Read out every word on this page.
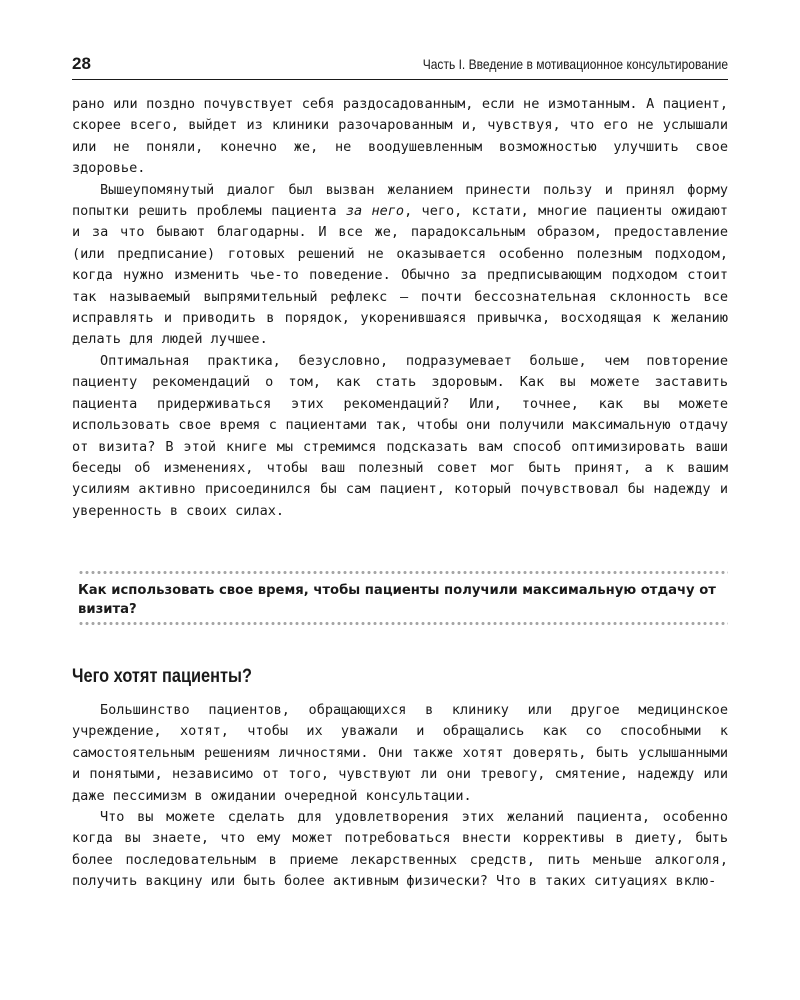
28	Часть I. Введение в мотивационное консультирование

рано или поздно почувствует себя раздосадованным, если не измотанным. А пациент, скорее всего, выйдет из клиники разочарованным и, чувствуя, что его не услышали или не поняли, конечно же, не воодушевленным возможностью улучшить свое здоровье.

Вышеупомянутый диалог был вызван желанием принести пользу и принял форму попытки решить проблемы пациента за него, чего, кстати, многие пациенты ожидают и за что бывают благодарны. И все же, парадоксальным образом, предоставление (или предписание) готовых решений не оказывается особенно полезным подходом, когда нужно изменить чье-то поведение. Обычно за предписывающим подходом стоит так называемый выпрямительный рефлекс — почти бессознательная склонность все исправлять и приводить в порядок, укоренившаяся привычка, восходящая к желанию делать для людей лучшее.

Оптимальная практика, безусловно, подразумевает больше, чем повторение пациенту рекомендаций о том, как стать здоровым. Как вы можете заставить пациента придерживаться этих рекомендаций? Или, точнее, как вы можете использовать свое время с пациентами так, чтобы они получили максимальную отдачу от визита? В этой книге мы стремимся подсказать вам способ оптимизировать ваши беседы об изменениях, чтобы ваш полезный совет мог быть принят, а к вашим усилиям активно присоединился бы сам пациент, который почувствовал бы надежду и уверенность в своих силах.

Как использовать свое время, чтобы пациенты получили максимальную отдачу от визита?
Чего хотят пациенты?

Большинство пациентов, обращающихся в клинику или другое медицинское учреждение, хотят, чтобы их уважали и обращались как со способными к самостоятельным решениям личностями. Они также хотят доверять, быть услышанными и понятыми, независимо от того, чувствуют ли они тревогу, смятение, надежду или даже пессимизм в ожидании очередной консультации.

Что вы можете сделать для удовлетворения этих желаний пациента, особенно когда вы знаете, что ему может потребоваться внести коррективы в диету, быть более последовательным в приеме лекарственных средств, пить меньше алкоголя, получить вакцину или быть более активным физически? Что в таких ситуациях вклю-
